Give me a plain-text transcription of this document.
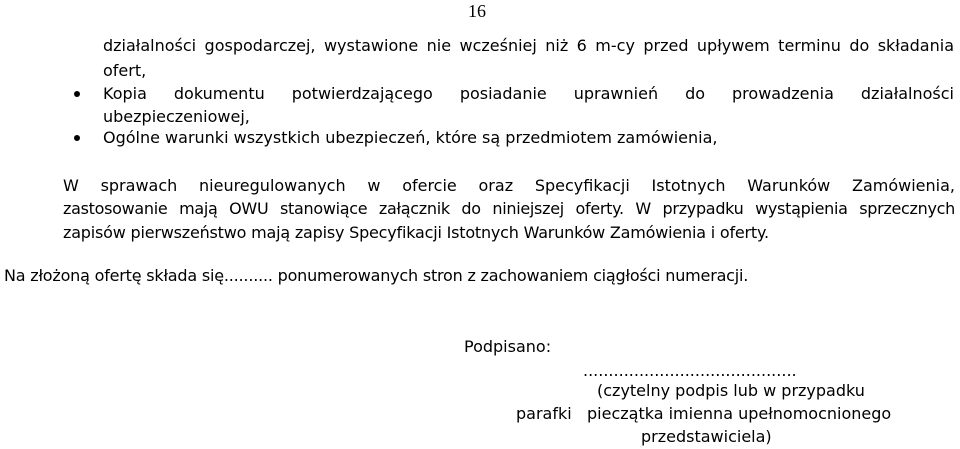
16
działalności gospodarczej, wystawione nie wcześniej niż 6 m-cy przed upływem terminu do składania
ofert,
Kopia dokumentu potwierdzającego posiadanie uprawnień do prowadzenia działalności
ubezpieczeniowej,
Ogólne warunki wszystkich ubezpieczeń, które są przedmiotem zamówienia,
W sprawach nieuregulowanych w ofercie oraz Specyfikacji Istotnych Warunków Zamówienia,
zastosowanie mają OWU stanowiące załącznik do niniejszej oferty. W przypadku wystąpienia sprzecznych
zapisów pierwszeństwo mają zapisy Specyfikacji Istotnych Warunków Zamówienia i oferty.
Na złożoną ofertę składa się.......... ponumerowanych stron z zachowaniem ciągłości numeracji.
Podpisano:
..........................................
(czytelny podpis lub w przypadku
parafki pieczątka imienna upełnomocnionego
przedstawiciela)
